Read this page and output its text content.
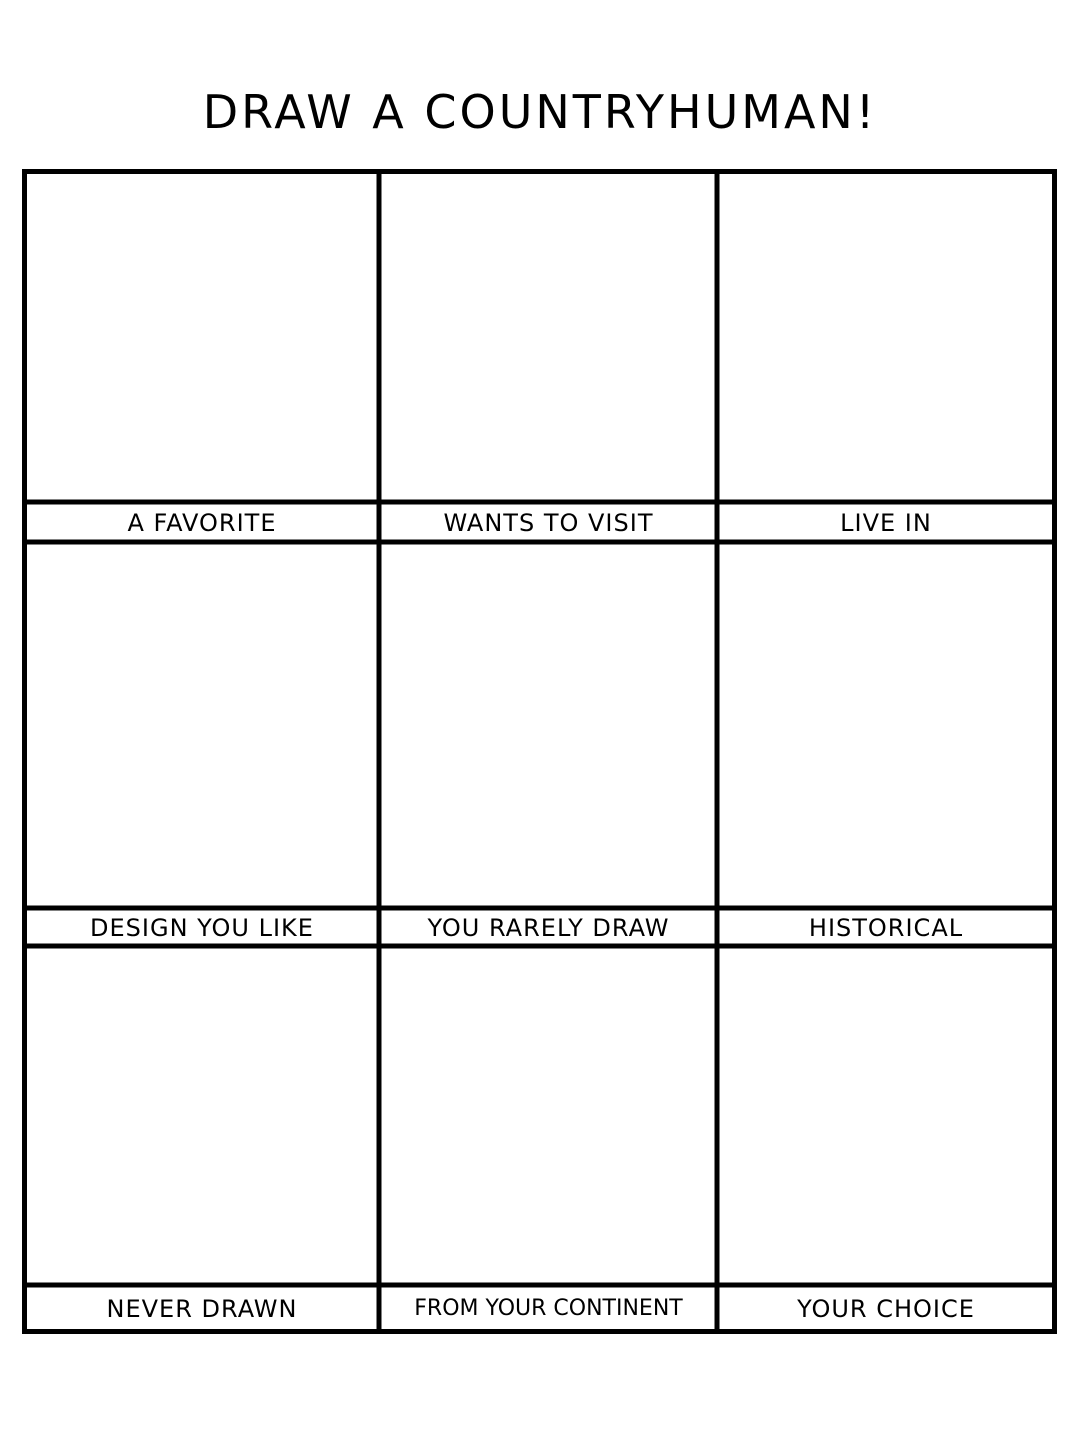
DRAW A COUNTRYHUMAN!
A FAVORITE	WANTS TO VISIT	LIVE IN
DESIGN YOU LIKE	YOU RARELY DRAW	HISTORICAL
NEVER DRAWN	FROM YOUR CONTINENT	YOUR CHOICE
